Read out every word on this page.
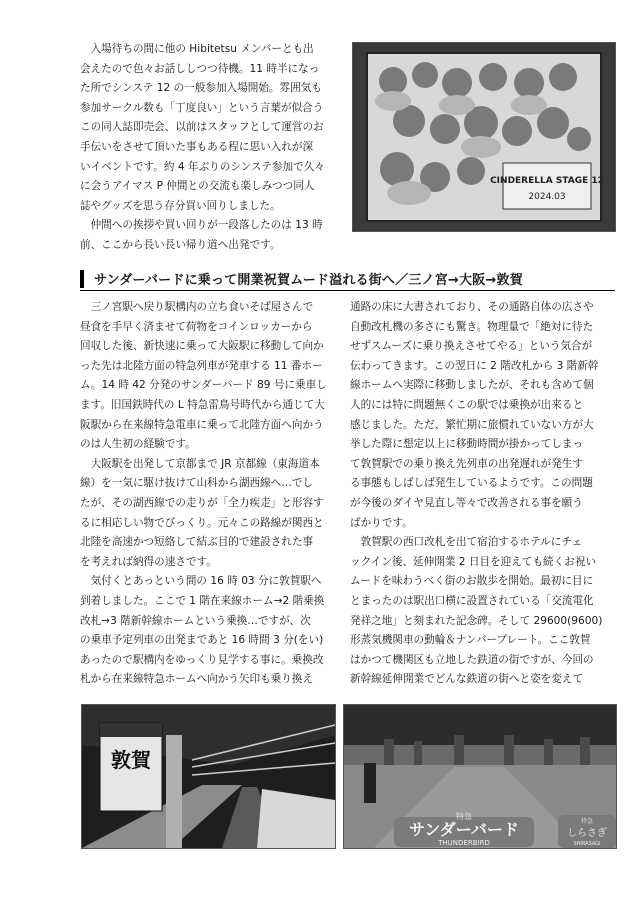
　入場待ちの間に他の Hibitetsu メンバーとも出
会えたので色々お話ししつつ待機。11 時半になっ
た所でシンステ 12 の一般参加入場開始。雰囲気も
参加サークル数も「丁度良い」という言葉が似合う
この同人誌即売会、以前はスタッフとして運営のお
手伝いをさせて頂いた事もある程に思い入れが深
いイベントです。約 4 年ぶりのシンステ参加で久々
に会うアイマス P 仲間との交流も楽しみつつ同人
誌やグッズを思う存分買い回りしました。
　仲間への挨拶や買い回りが一段落したのは 13 時
前、ここから長い長い帰り道へ出発です。
CINDERELLA STAGE 12
2024.03
サンダーバードに乗って開業祝賀ムード溢れる街へ／三ノ宮→大阪→敦賀
　三ノ宮駅へ戻り駅構内の立ち食いそば屋さんで
昼食を手早く済ませて荷物をコインロッカーから
回収した後、新快速に乗って大阪駅に移動して向か
った先は北陸方面の特急列車が発車する 11 番ホー
ム。14 時 42 分発のサンダーバード 89 号に乗車し
ます。旧国鉄時代の L 特急雷鳥号時代から通じて大
阪駅から在来線特急電車に乗って北陸方面へ向かう
のは人生初の経験です。
　大阪駅を出発して京都まで JR 京都線（東海道本
線）を一気に駆け抜けて山科から湖西線へ…でし
たが、その湖西線での走りが「全力疾走」と形容す
るに相応しい物でびっくり。元々この路線が関西と
北陸を高速かつ短絡して結ぶ目的で建設された事
を考えれば納得の速さです。
　気付くとあっという間の 16 時 03 分に敦賀駅へ
到着しました。ここで 1 階在来線ホーム→2 階乗換
改札→3 階新幹線ホームという乗換…ですが、次
の乗車予定列車の出発まであと 16 時間 3 分(をい)
あったので駅構内をゆっくり見学する事に。乗換改
札から在来線特急ホームへ向かう矢印も乗り換え
通路の床に大書されており、その通路自体の広さや
自動改札機の多さにも驚き。物理量で「絶対に待た
せずスムーズに乗り換えさせてやる」という気合が
伝わってきます。この翌日に 2 階改札から 3 階新幹
線ホームへ実際に移動しましたが、それも含めて個
人的には特に問題無くこの駅では乗換が出来ると
感じました。ただ、繁忙期に旅慣れていない方が大
挙した際に想定以上に移動時間が掛かってしまっ
て敦賀駅での乗り換え先列車の出発遅れが発生す
る事態もしばしば発生しているようです。この問題
が今後のダイヤ見直し等々で改善される事を願う
ばかりです。
　敦賀駅の西口改札を出て宿泊するホテルにチェ
ックイン後、延伸開業 2 日目を迎えても続くお祝い
ムードを味わうべく街のお散歩を開始。最初に目に
とまったのは駅出口横に設置されている「交流電化
発祥之地」と刻まれた記念碑。そして 29600(9600)
形蒸気機関車の動輪＆ナンバープレート。ここ敦賀
はかつて機関区も立地した鉄道の街ですが、今回の
新幹線延伸開業でどんな鉄道の街へと姿を変えて
敦賀
特急
サンダーバード
THUNDERBIRD
特急
しらさぎ
SHIRASAGI
